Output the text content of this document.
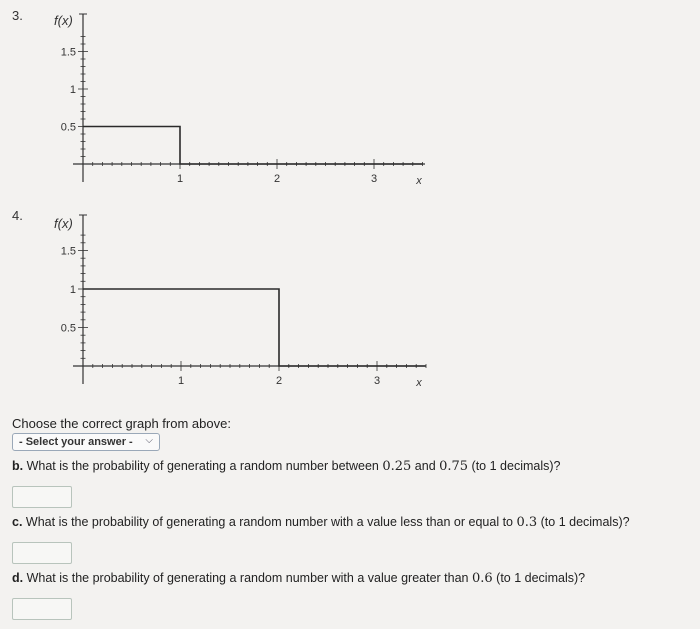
3. f(x)
1.5
1
0.5
1	2	3	x
4.
f(x)
1.5
1
0.5
1	2	3	x
Choose the correct graph from above:
- Select your answer - ⌵
b. What is the probability of generating a random number between 0.25 and 0.75 (to 1 decimals)?
c. What is the probability of generating a random number with a value less than or equal to 0.3 (to 1 decimals)?
d. What is the probability of generating a random number with a value greater than 0.6 (to 1 decimals)?
